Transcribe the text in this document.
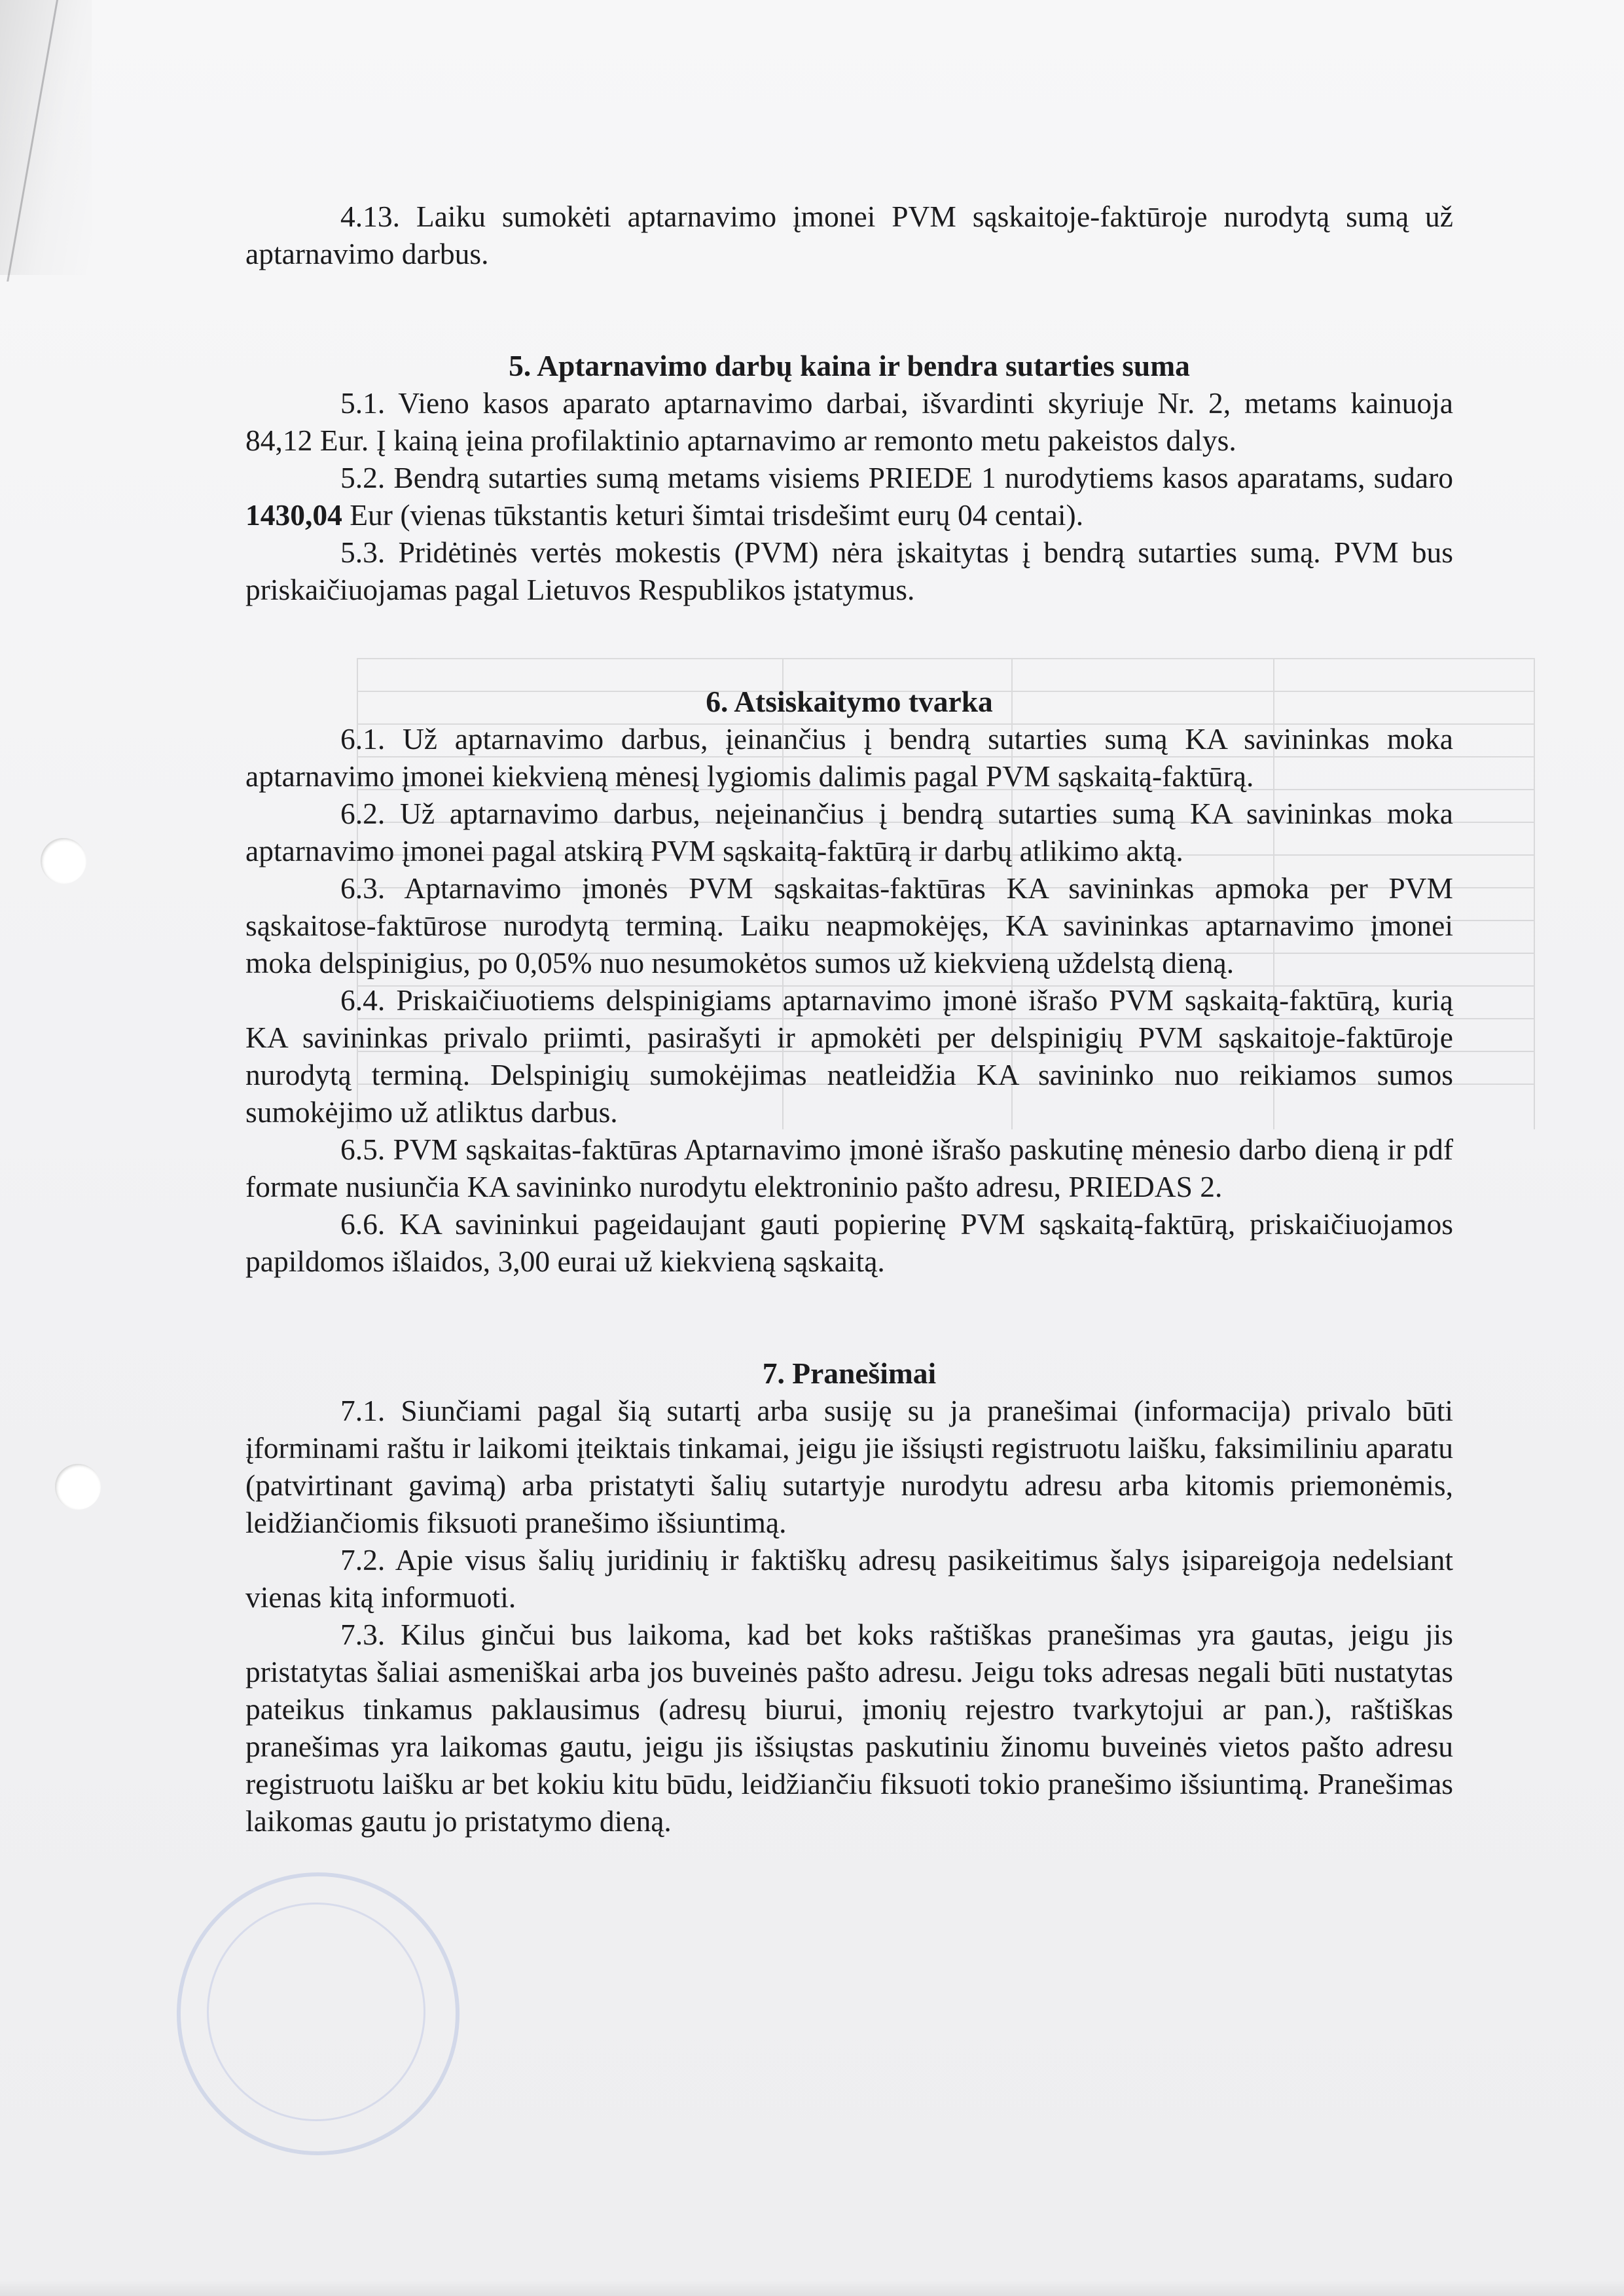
4.13. Laiku sumokėti aptarnavimo įmonei PVM sąskaitoje-faktūroje nurodytą sumą už aptarnavimo darbus.

5. Aptarnavimo darbų kaina ir bendra sutarties suma

5.1. Vieno kasos aparato aptarnavimo darbai, išvardinti skyriuje Nr. 2, metams kainuoja 84,12 Eur. Į kainą įeina profilaktinio aptarnavimo ar remonto metu pakeistos dalys.

5.2. Bendrą sutarties sumą metams visiems PRIEDE 1 nurodytiems kasos aparatams, sudaro 1430,04 Eur (vienas tūkstantis keturi šimtai trisdešimt eurų 04 centai).

5.3. Pridėtinės vertės mokestis (PVM) nėra įskaitytas į bendrą sutarties sumą. PVM bus priskaičiuojamas pagal Lietuvos Respublikos įstatymus.

6. Atsiskaitymo tvarka

6.1. Už aptarnavimo darbus, įeinančius į bendrą sutarties sumą KA savininkas moka aptarnavimo įmonei kiekvieną mėnesį lygiomis dalimis pagal PVM sąskaitą-faktūrą.

6.2. Už aptarnavimo darbus, neįeinančius į bendrą sutarties sumą KA savininkas moka aptarnavimo įmonei pagal atskirą PVM sąskaitą-faktūrą ir darbų atlikimo aktą.

6.3. Aptarnavimo įmonės PVM sąskaitas-faktūras KA savininkas apmoka per PVM sąskaitose-faktūrose nurodytą terminą. Laiku neapmokėjęs, KA savininkas aptarnavimo įmonei moka delspinigius, po 0,05% nuo nesumokėtos sumos už kiekvieną uždelstą dieną.

6.4. Priskaičiuotiems delspinigiams aptarnavimo įmonė išrašo PVM sąskaitą-faktūrą, kurią KA savininkas privalo priimti, pasirašyti ir apmokėti per delspinigių PVM sąskaitoje-faktūroje nurodytą terminą. Delspinigių sumokėjimas neatleidžia KA savininko nuo reikiamos sumos sumokėjimo už atliktus darbus.

6.5. PVM sąskaitas-faktūras Aptarnavimo įmonė išrašo paskutinę mėnesio darbo dieną ir pdf formate nusiunčia KA savininko nurodytu elektroninio pašto adresu, PRIEDAS 2.

6.6. KA savininkui pageidaujant gauti popierinę PVM sąskaitą-faktūrą, priskaičiuojamos papildomos išlaidos, 3,00 eurai už kiekvieną sąskaitą.

7. Pranešimai

7.1. Siunčiami pagal šią sutartį arba susiję su ja pranešimai (informacija) privalo būti įforminami raštu ir laikomi įteiktais tinkamai, jeigu jie išsiųsti registruotu laišku, faksimiliniu aparatu (patvirtinant gavimą) arba pristatyti šalių sutartyje nurodytu adresu arba kitomis priemonėmis, leidžiančiomis fiksuoti pranešimo išsiuntimą.

7.2. Apie visus šalių juridinių ir faktiškų adresų pasikeitimus šalys įsipareigoja nedelsiant vienas kitą informuoti.

7.3. Kilus ginčui bus laikoma, kad bet koks raštiškas pranešimas yra gautas, jeigu jis pristatytas šaliai asmeniškai arba jos buveinės pašto adresu. Jeigu toks adresas negali būti nustatytas pateikus tinkamus paklausimus (adresų biurui, įmonių rejestro tvarkytojui ar pan.), raštiškas pranešimas yra laikomas gautu, jeigu jis išsiųstas paskutiniu žinomu buveinės vietos pašto adresu registruotu laišku ar bet kokiu kitu būdu, leidžiančiu fiksuoti tokio pranešimo išsiuntimą. Pranešimas laikomas gautu jo pristatymo dieną.
